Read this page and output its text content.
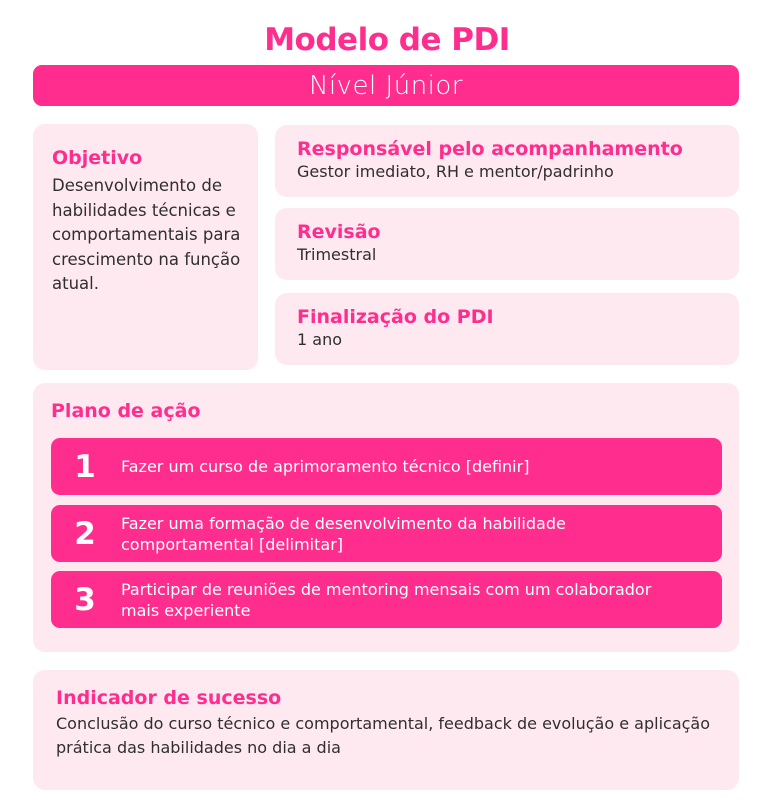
Modelo de PDI
Nível Júnior
Objetivo
Desenvolvimento de habilidades técnicas e comportamentais para crescimento na função atual.
Responsável pelo acompanhamento
Gestor imediato, RH e mentor/padrinho
Revisão
Trimestral
Finalização do PDI
1 ano
Plano de ação
1	Fazer um curso de aprimoramento técnico [definir]
2	Fazer uma formação de desenvolvimento da habilidade comportamental [delimitar]
3	Participar de reuniões de mentoring mensais com um colaborador mais experiente
Indicador de sucesso
Conclusão do curso técnico e comportamental, feedback de evolução e aplicação prática das habilidades no dia a dia
